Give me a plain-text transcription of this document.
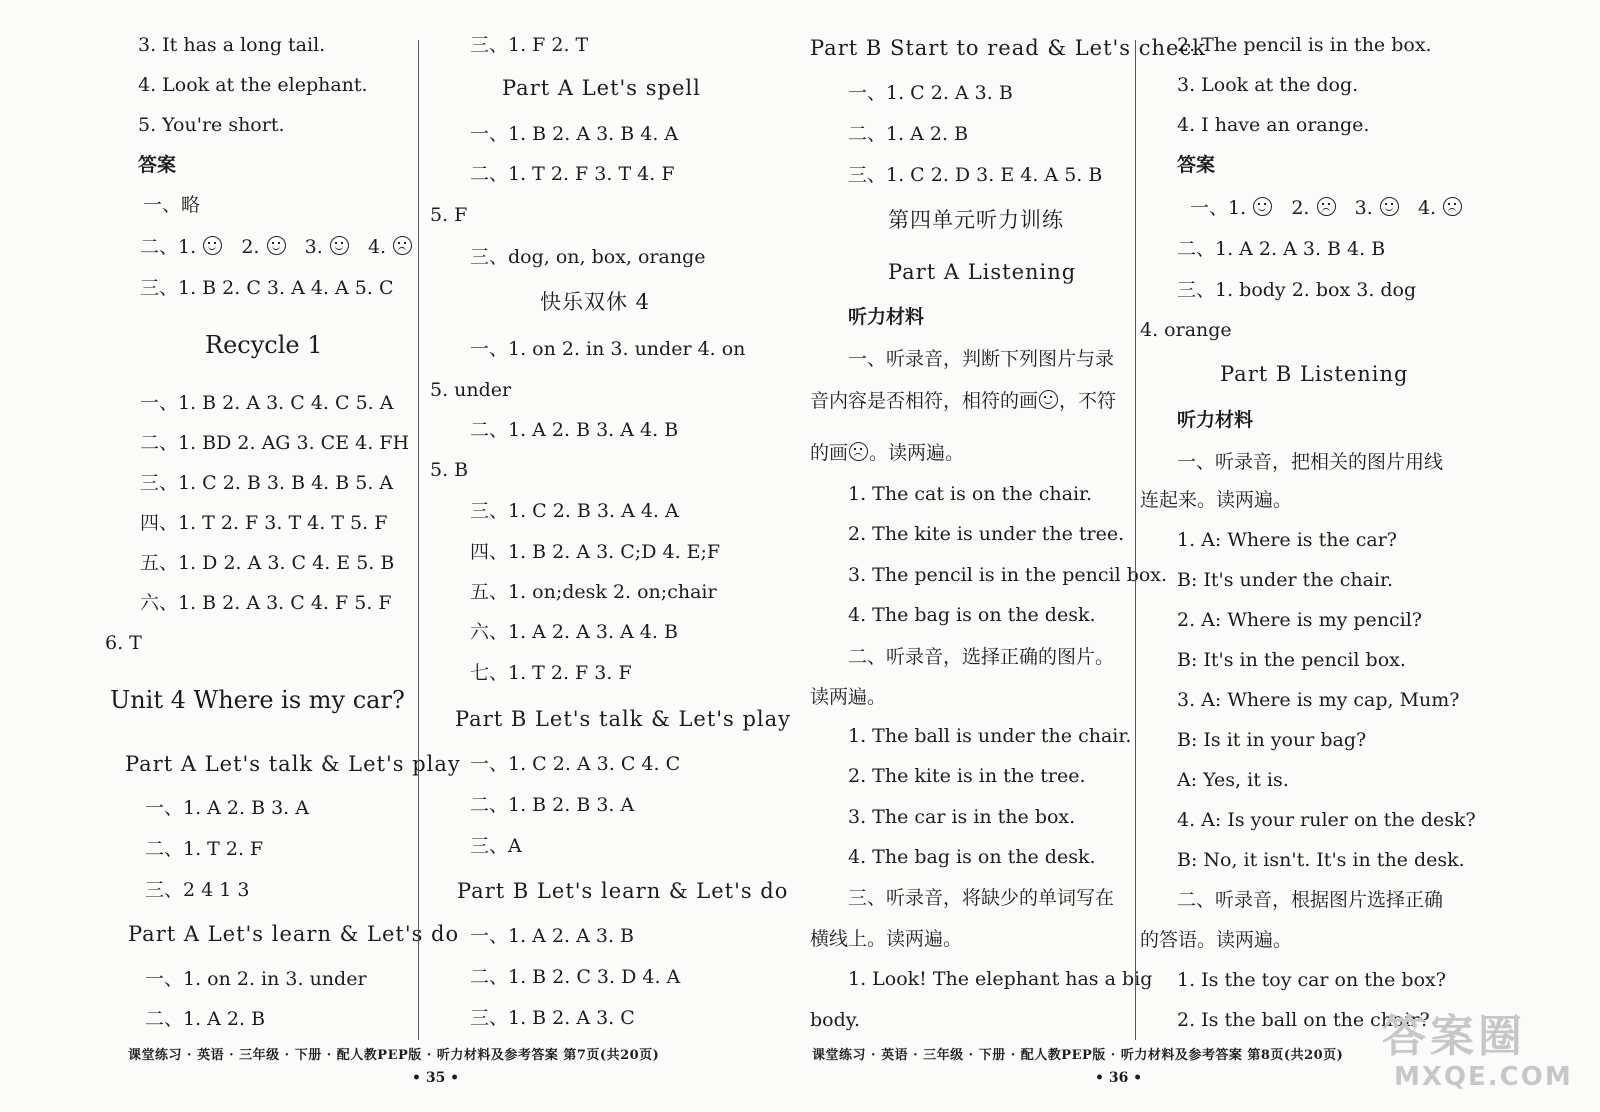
3. It has a long tail.
4. Look at the elephant.
5. You're short.
答案
一、略
二、1. 2. 3. 4.
三、1. B 2. C 3. A 4. A 5. C
Recycle 1
一、1. B 2. A 3. C 4. C 5. A
二、1. BD 2. AG 3. CE 4. FH
三、1. C 2. B 3. B 4. B 5. A
四、1. T 2. F 3. T 4. T 5. F
五、1. D 2. A 3. C 4. E 5. B
六、1. B 2. A 3. C 4. F 5. F
6. T
Unit 4 Where is my car?
Part A Let's talk & Let's play
一、1. A 2. B 3. A
二、1. T 2. F
三、2 4 1 3
Part A Let's learn & Let's do
一、1. on 2. in 3. under
二、1. A 2. B
三、1. F 2. T
Part A Let's spell
一、1. B 2. A 3. B 4. A
二、1. T 2. F 3. T 4. F
5. F
三、dog, on, box, orange
快乐双休 4
一、1. on 2. in 3. under 4. on
5. under
二、1. A 2. B 3. A 4. B
5. B
三、1. C 2. B 3. A 4. A
四、1. B 2. A 3. C;D 4. E;F
五、1. on;desk 2. on;chair
六、1. A 2. A 3. A 4. B
七、1. T 2. F 3. F
Part B Let's talk & Let's play
一、1. C 2. A 3. C 4. C
二、1. B 2. B 3. A
三、A
Part B Let's learn & Let's do
一、1. A 2. A 3. B
二、1. B 2. C 3. D 4. A
三、1. B 2. A 3. C
Part B Start to read & Let's check
一、1. C 2. A 3. B
二、1. A 2. B
三、1. C 2. D 3. E 4. A 5. B
第四单元听力训练
Part A Listening
听力材料
一、听录音，判断下列图片与录
音内容是否相符，相符的画 ，不符
的画 。读两遍。
1. The cat is on the chair.
2. The kite is under the tree.
3. The pencil is in the pencil box.
4. The bag is on the desk.
二、听录音，选择正确的图片。
读两遍。
1. The ball is under the chair.
2. The kite is in the tree.
3. The car is in the box.
4. The bag is on the desk.
三、听录音，将缺少的单词写在
横线上。读两遍。
1. Look! The elephant has a big
body.
2. The pencil is in the box.
3. Look at the dog.
4. I have an orange.
答案
一、1. 2. 3. 4.
二、1. A 2. A 3. B 4. B
三、1. body 2. box 3. dog
4. orange
Part B Listening
听力材料
一、听录音，把相关的图片用线
连起来。读两遍。
1. A: Where is the car?
B: It's under the chair.
2. A: Where is my pencil?
B: It's in the pencil box.
3. A: Where is my cap, Mum?
B: Is it in your bag?
A: Yes, it is.
4. A: Is your ruler on the desk?
B: No, it isn't. It's in the desk.
二、听录音，根据图片选择正确
的答语。读两遍。
1. Is the toy car on the box?
2. Is the ball on the chair?
课堂练习 · 英语 · 三年级 · 下册 · 配人教PEP版 · 听力材料及参考答案 第7页(共20页)
• 35 •
课堂练习 · 英语 · 三年级 · 下册 · 配人教PEP版 · 听力材料及参考答案 第8页(共20页)
• 36 •
答案圈
MXQE.COM
